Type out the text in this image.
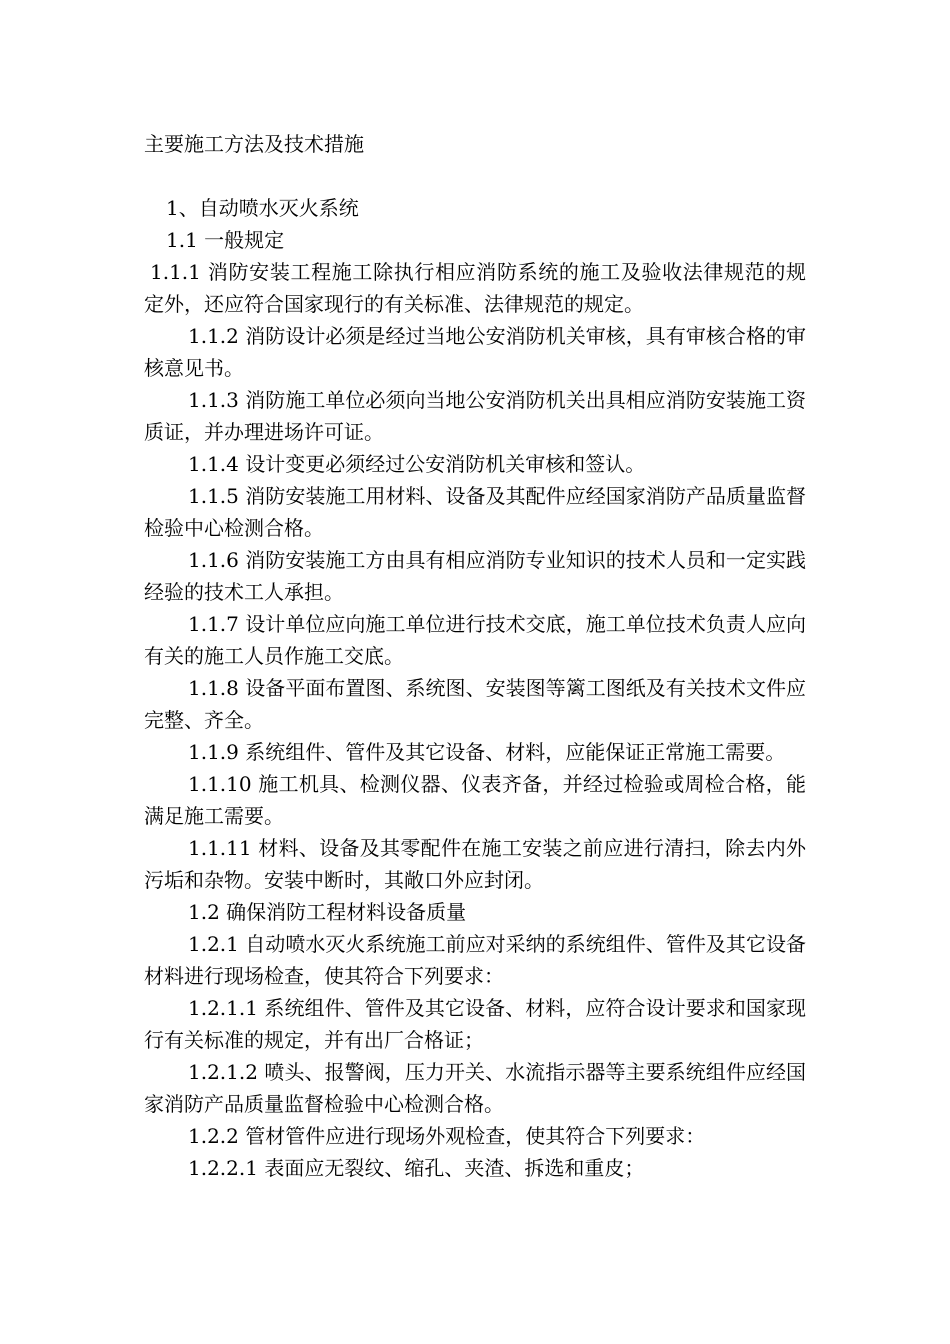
主要施工方法及技术措施

1、自动喷水灭火系统

1.1 一般规定

1.1.1 消防安装工程施工除执行相应消防系统的施工及验收法律规范的规定外，还应符合国家现行的有关标准、法律规范的规定。

1.1.2 消防设计必须是经过当地公安消防机关审核，具有审核合格的审核意见书。

1.1.3 消防施工单位必须向当地公安消防机关出具相应消防安装施工资质证，并办理进场许可证。

1.1.4 设计变更必须经过公安消防机关审核和签认。

1.1.5 消防安装施工用材料、设备及其配件应经国家消防产品质量监督检验中心检测合格。

1.1.6 消防安装施工方由具有相应消防专业知识的技术人员和一定实践经验的技术工人承担。

1.1.7 设计单位应向施工单位进行技术交底，施工单位技术负责人应向有关的施工人员作施工交底。

1.1.8 设备平面布置图、系统图、安装图等篱工图纸及有关技术文件应完整、齐全。

1.1.9 系统组件、管件及其它设备、材料，应能保证正常施工需要。

1.1.10 施工机具、检测仪器、仪表齐备，并经过检验或周检合格，能满足施工需要。

1.1.11 材料、设备及其零配件在施工安装之前应进行清扫，除去内外污垢和杂物。安装中断时，其敞口外应封闭。

1.2 确保消防工程材料设备质量

1.2.1 自动喷水灭火系统施工前应对采纳的系统组件、管件及其它设备材料进行现场检查，使其符合下列要求：

1.2.1.1 系统组件、管件及其它设备、材料，应符合设计要求和国家现行有关标准的规定，并有出厂合格证；

1.2.1.2 喷头、报警阀，压力开关、水流指示器等主要系统组件应经国家消防产品质量监督检验中心检测合格。

1.2.2 管材管件应进行现场外观检查，使其符合下列要求：

1.2.2.1 表面应无裂纹、缩孔、夹渣、拆选和重皮；
